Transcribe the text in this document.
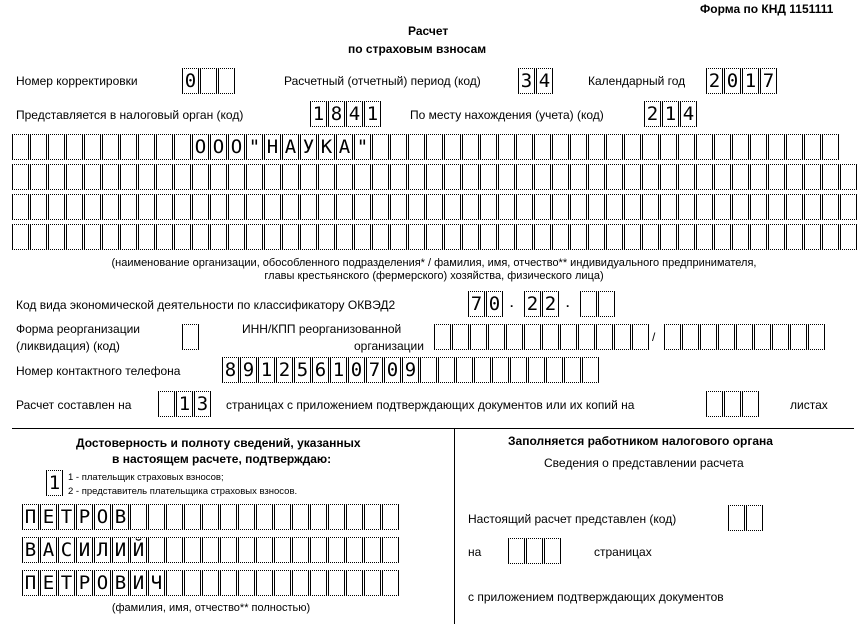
Форма по КНД 1151111
Расчет
по страховым взносам
Номер корректировки 0	Расчетный (отчетный) период (код) 3 4	Календарный год 2 0 1 7
Представляется в налоговый орган (код)	1 8 4 1	По месту нахождения (учета) (код) 2 1 4
О О О " Н А У К А "
(наименование организации, обособленного подразделения* / фамилия, имя, отчество** индивидуального предпринимателя,
главы крестьянского (фермерского) хозяйства, физического лица)
Код вида экономической деятельности по классификатору ОКВЭД2	7 0 . 2 2 .
Форма реорганизации
(ликвидация) (код)
ИНН/КПП реорганизованной
организации
/
Номер контактного телефона 8 9 1 2 5 6 1 0 7 0 9
Расчет составлен на 1 3 страницах с приложением подтверждающих документов или их копий на	листах
Достоверность и полноту сведений, указанных
в настоящем расчете, подтверждаю:
1 1 - плательщик страховых взносов;
2 - представитель плательщика страховых взносов.
П Е Т Р О В
В А С И Л И Й
П Е Т Р О В И Ч
(фамилия, имя, отчество** полностью)
Заполняется работником налогового органа
Сведения о представлении расчета
Настоящий расчет представлен (код)
на	страницах
с приложением подтверждающих документов
